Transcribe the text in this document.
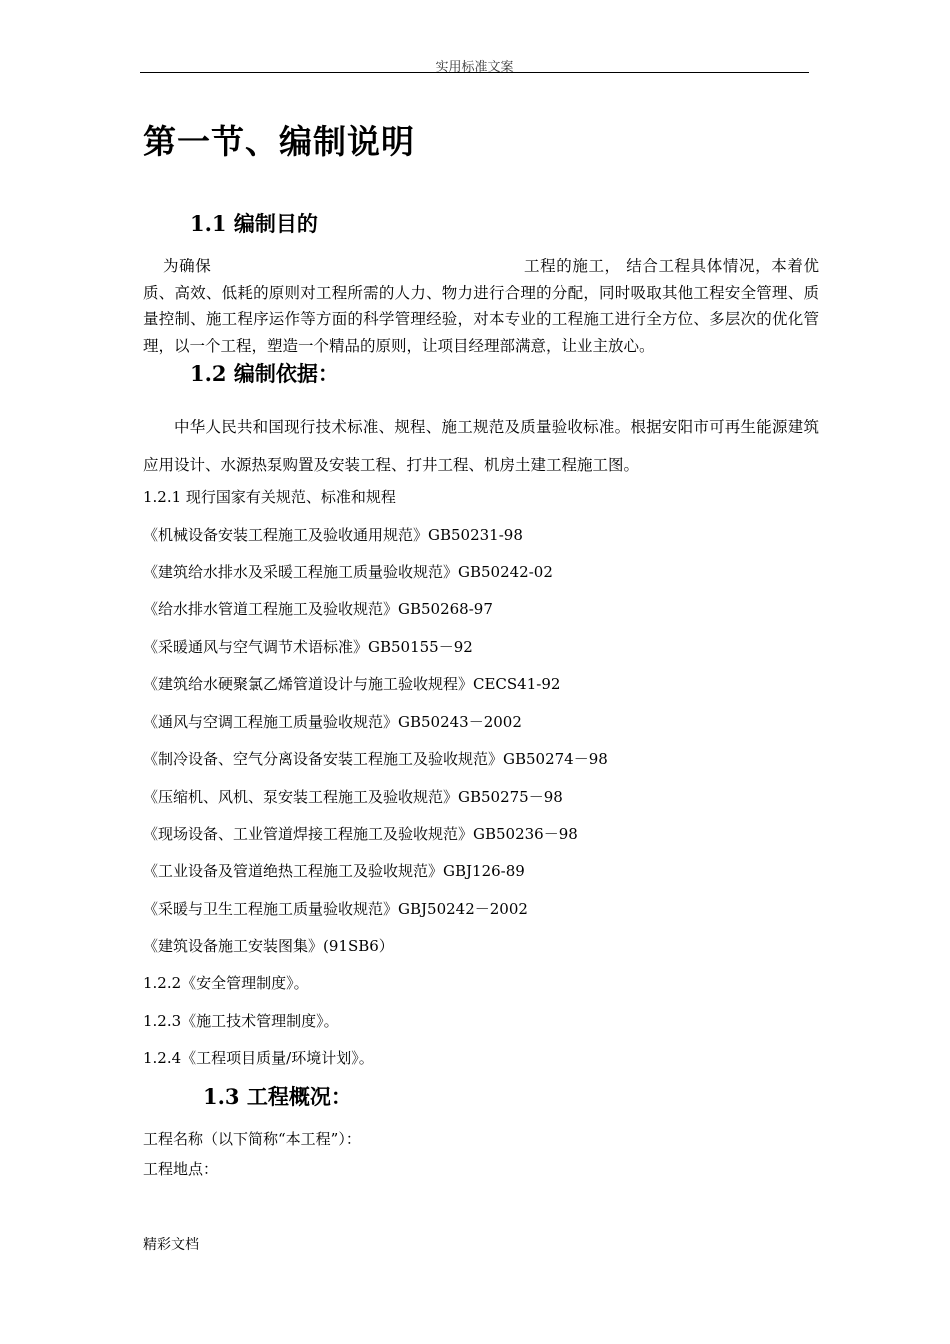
实用标准文案
第一节、编制说明
1.1 编制目的
为确保	工程的施工， 结合工程具体情况，本着优质、高效、低耗的原则对工程所需的人力、物力进行合理的分配，同时吸取其他工程安全管理、质量控制、施工程序运作等方面的科学管理经验，对本专业的工程施工进行全方位、多层次的优化管理，以一个工程，塑造一个精品的原则，让项目经理部满意，让业主放心。
1.2 编制依据：
中华人民共和国现行技术标准、规程、施工规范及质量验收标准。根据安阳市可再生能源建筑应用设计、水源热泵购置及安装工程、打井工程、机房土建工程施工图。
1.2.1 现行国家有关规范、标准和规程
《机械设备安装工程施工及验收通用规范》GB50231-98
《建筑给水排水及采暖工程施工质量验收规范》GB50242-02
《给水排水管道工程施工及验收规范》GB50268-97
《采暖通风与空气调节术语标准》GB50155－92
《建筑给水硬聚氯乙烯管道设计与施工验收规程》CECS41-92
《通风与空调工程施工质量验收规范》GB50243－2002
《制冷设备、空气分离设备安装工程施工及验收规范》GB50274－98
《压缩机、风机、泵安装工程施工及验收规范》GB50275－98
《现场设备、工业管道焊接工程施工及验收规范》GB50236－98
《工业设备及管道绝热工程施工及验收规范》GBJ126-89
《采暖与卫生工程施工质量验收规范》GBJ50242－2002
《建筑设备施工安装图集》(91SB6）
1.2.2《安全管理制度》。
1.2.3《施工技术管理制度》。
1.2.4《工程项目质量/环境计划》。
1.3 工程概况：
工程名称（以下简称“本工程”）：
工程地点：
精彩文档
